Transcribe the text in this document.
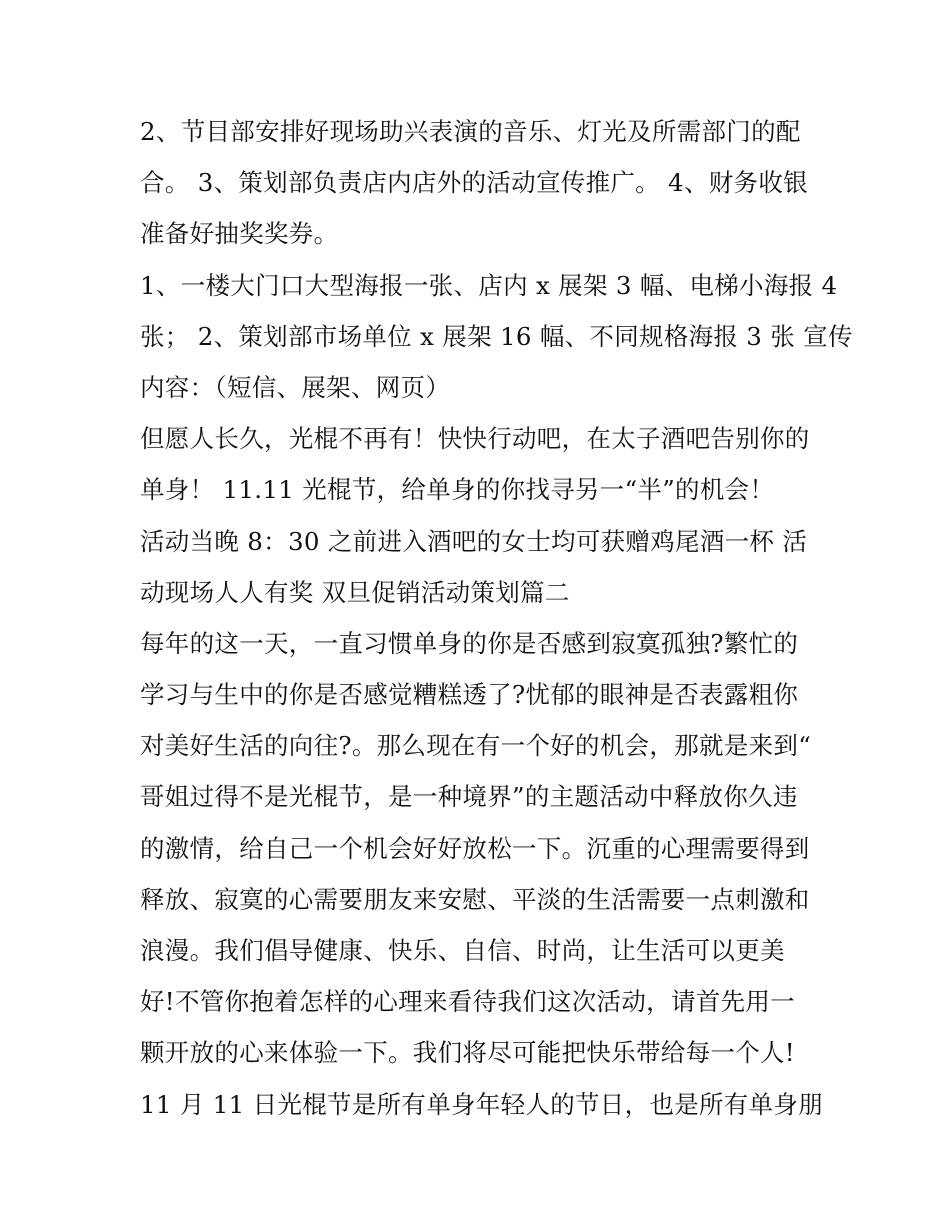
2、节目部安排好现场助兴表演的音乐、灯光及所需部门的配
合。 3、策划部负责店内店外的活动宣传推广。 4、财务收银
准备好抽奖奖券。
1、一楼大门口大型海报一张、店内 x 展架 3 幅、电梯小海报 4
张； 2、策划部市场单位 x 展架 16 幅、不同规格海报 3 张 宣传
内容：（短信、展架、网页）
但愿人长久，光棍不再有！快快行动吧，在太子酒吧告别你的
单身！ 11.11 光棍节，给单身的你找寻另一“半”的机会！
活动当晚 8：30 之前进入酒吧的女士均可获赠鸡尾酒一杯 活
动现场人人有奖 双旦促销活动策划篇二
每年的这一天，一直习惯单身的你是否感到寂寞孤独?繁忙的
学习与生中的你是否感觉糟糕透了?忧郁的眼神是否表露粗你
对美好生活的向往?。那么现在有一个好的机会，那就是来到“
哥姐过得不是光棍节，是一种境界”的主题活动中释放你久违
的激情，给自己一个机会好好放松一下。沉重的心理需要得到
释放、寂寞的心需要朋友来安慰、平淡的生活需要一点刺激和
浪漫。我们倡导健康、快乐、自信、时尚，让生活可以更美
好!不管你抱着怎样的心理来看待我们这次活动，请首先用一
颗开放的心来体验一下。我们将尽可能把快乐带给每一个人!
11 月 11 日光棍节是所有单身年轻人的节日，也是所有单身朋
